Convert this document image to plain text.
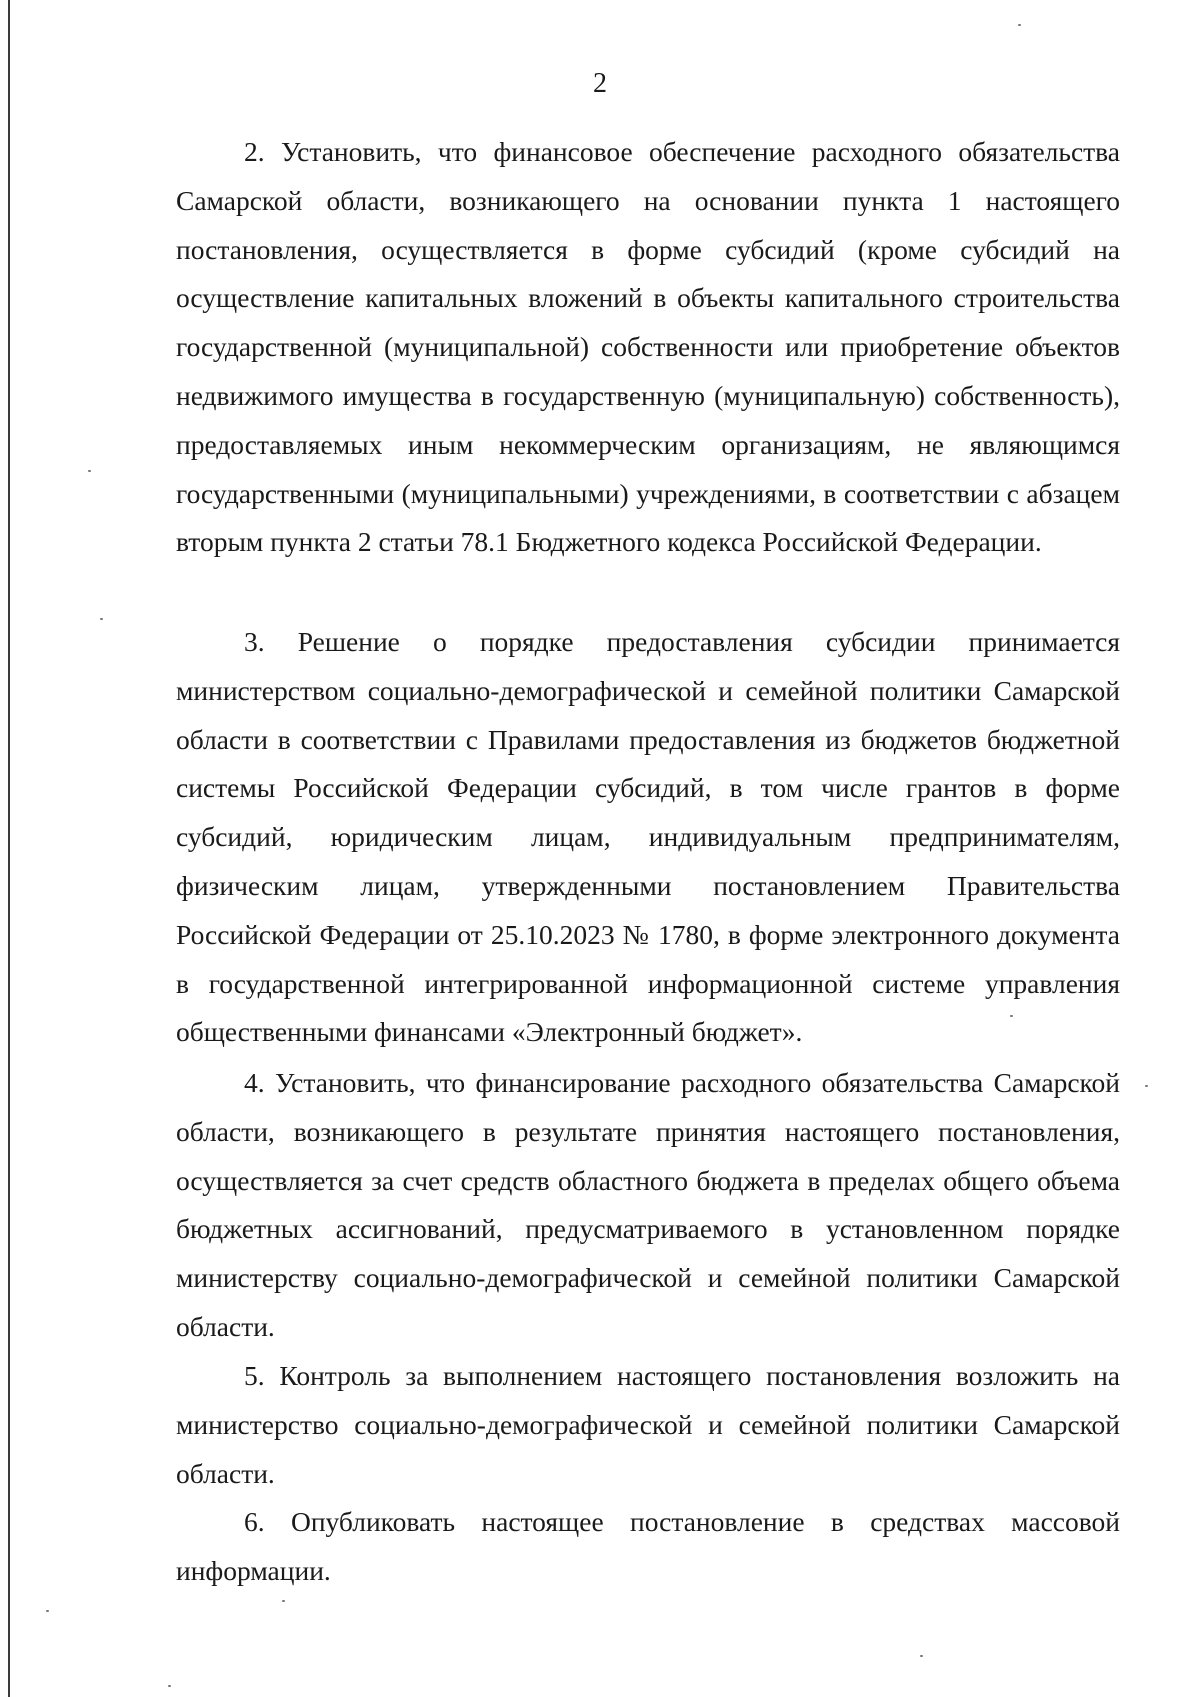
2

2. Установить, что финансовое обеспечение расходного обязательства Самарской области, возникающего на основании пункта 1 настоящего постановления, осуществляется в форме субсидий (кроме субсидий на осуществление капитальных вложений в объекты капитального строительства государственной (муниципальной) собственности или приобретение объектов недвижимого имущества в государственную (муниципальную) собственность), предоставляемых иным некоммерческим организациям, не являющимся государственными (муниципальными) учреждениями, в соответствии с абзацем вторым пункта 2 статьи 78.1 Бюджетного кодекса Российской Федерации.

3. Решение о порядке предоставления субсидии принимается министерством социально-демографической и семейной политики Самарской области в соответствии с Правилами предоставления из бюджетов бюджетной системы Российской Федерации субсидий, в том числе грантов в форме субсидий, юридическим лицам, индивидуальным предпринимателям, физическим лицам, утвержденными постановлением Правительства Российской Федерации от 25.10.2023 № 1780, в форме электронного документа в государственной интегрированной информационной системе управления общественными финансами «Электронный бюджет».

4. Установить, что финансирование расходного обязательства Самарской области, возникающего в результате принятия настоящего постановления, осуществляется за счет средств областного бюджета в пределах общего объема бюджетных ассигнований, предусматриваемого в установленном порядке министерству социально-демографической и семейной политики Самарской области.

5. Контроль за выполнением настоящего постановления возложить на министерство социально-демографической и семейной политики Самарской области.

6. Опубликовать настоящее постановление в средствах массовой информации.
